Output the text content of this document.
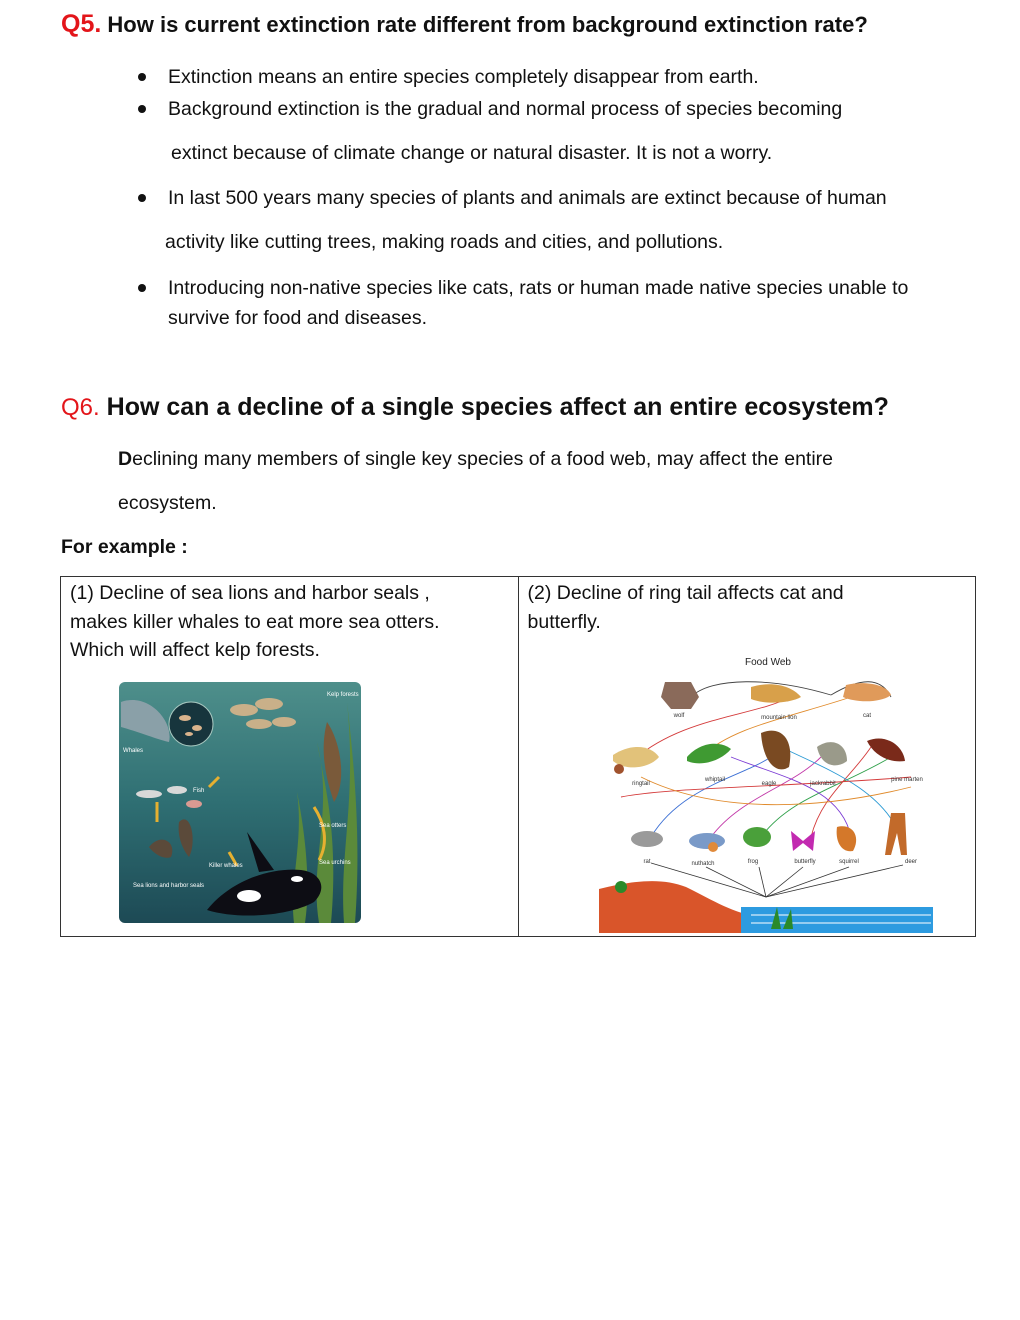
Q5. How is current extinction rate different from background extinction rate?
Extinction means an entire species completely disappear from earth.
Background extinction is the gradual and normal process of species becoming
In last 500 years many species of plants and animals are extinct because of human
Introducing non-native species like cats, rats or human made native species unable to
extinct because of climate change or natural disaster. It is not a worry.
activity like cutting trees, making roads and cities, and pollutions.
survive for food and diseases.
Q6. How can a decline of a single species affect an entire ecosystem?
Declining many members of single key species of a food web, may affect the entire
ecosystem.
For example :
(1) Decline of sea lions and harbor seals ,
makes killer whales to eat more sea otters.
Which will affect kelp forests.
Kelp forests
Whales
Fish
Sea otters
Sea urchins
Killer whales
Sea lions and harbor seals

(2) Decline of ring tail affects cat and
butterfly.
Food Web
wolf	mountain lion	cat
ringtail
whiptail
eagle	jackrabbit
pine marten
rat	nuthatch	frog	butterfly	squirrel	deer
